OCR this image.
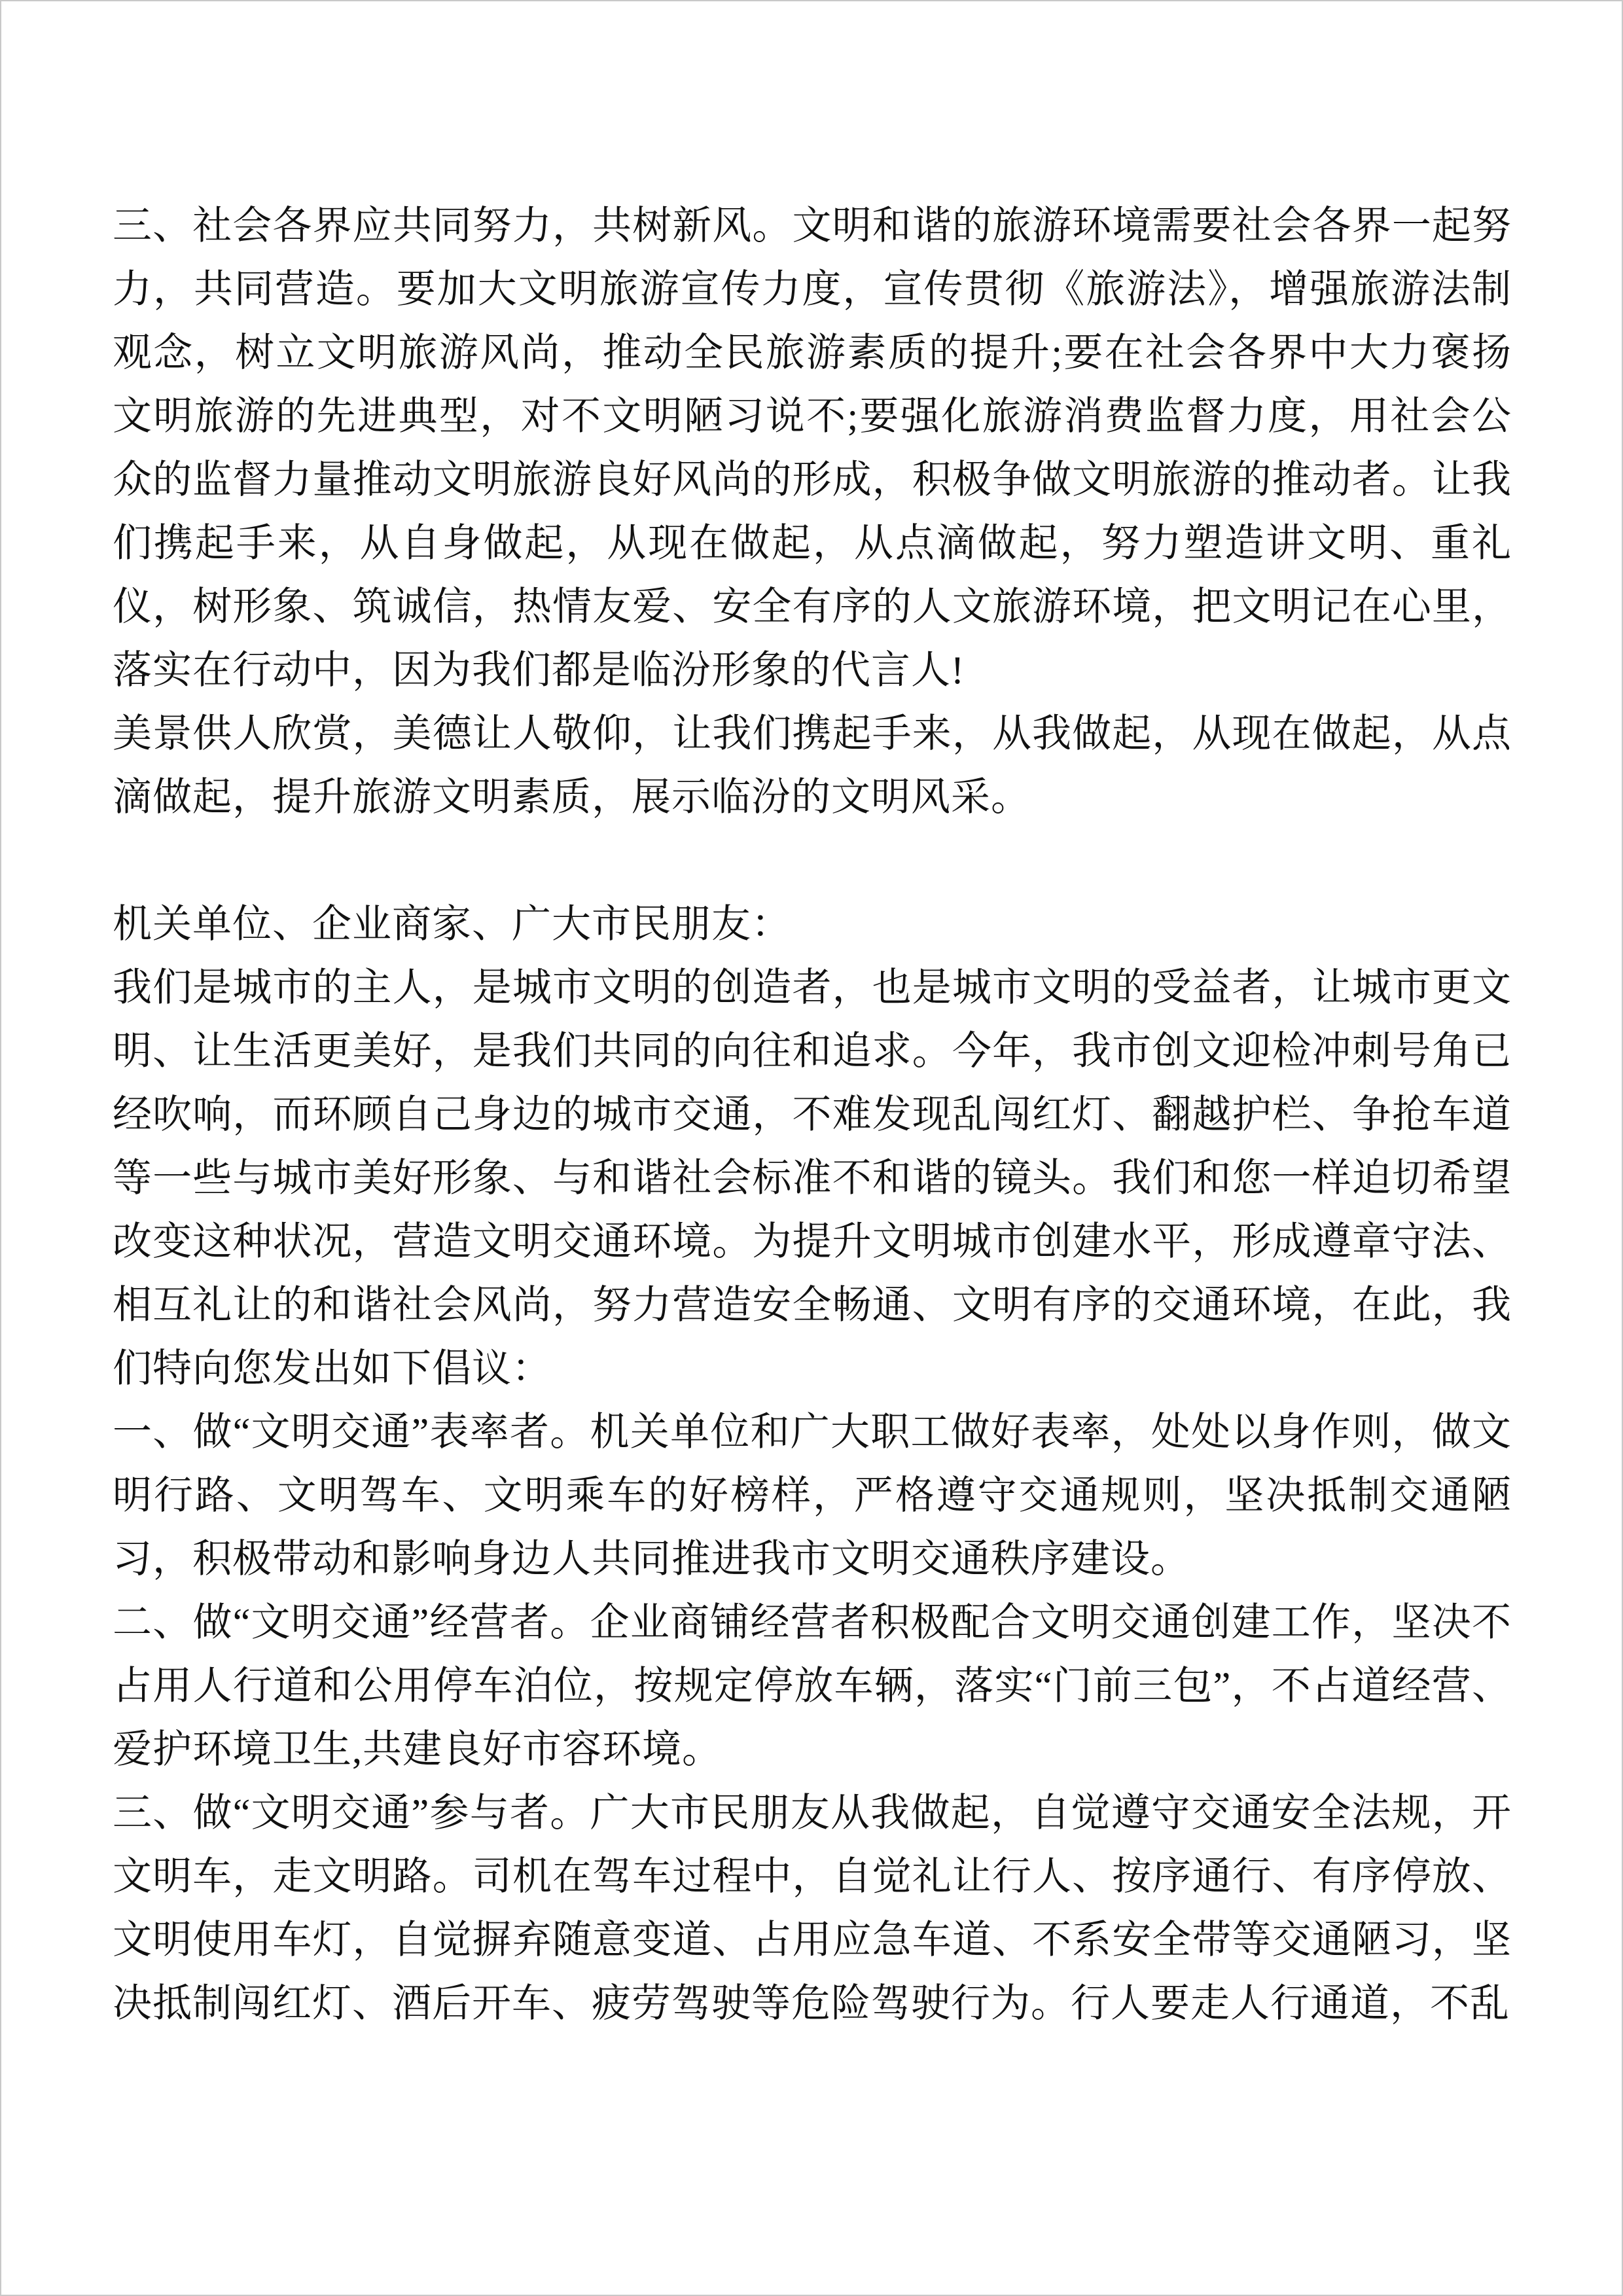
三、社会各界应共同努力，共树新风。文明和谐的旅游环境需要社会各界一起努力，共同营造。要加大文明旅游宣传力度，宣传贯彻《旅游法》，增强旅游法制观念，树立文明旅游风尚，推动全民旅游素质的提升;要在社会各界中大力褒扬文明旅游的先进典型，对不文明陋习说不;要强化旅游消费监督力度，用社会公众的监督力量推动文明旅游良好风尚的形成，积极争做文明旅游的推动者。让我们携起手来，从自身做起，从现在做起，从点滴做起，努力塑造讲文明、重礼仪，树形象、筑诚信，热情友爱、安全有序的人文旅游环境，把文明记在心里，落实在行动中，因为我们都是临汾形象的代言人!

美景供人欣赏，美德让人敬仰，让我们携起手来，从我做起，从现在做起，从点滴做起，提升旅游文明素质，展示临汾的文明风采。

机关单位、企业商家、广大市民朋友：

我们是城市的主人，是城市文明的创造者，也是城市文明的受益者，让城市更文明、让生活更美好，是我们共同的向往和追求。今年，我市创文迎检冲刺号角已经吹响，而环顾自己身边的城市交通，不难发现乱闯红灯、翻越护栏、争抢车道等一些与城市美好形象、与和谐社会标准不和谐的镜头。我们和您一样迫切希望改变这种状况，营造文明交通环境。为提升文明城市创建水平，形成遵章守法、相互礼让的和谐社会风尚，努力营造安全畅通、文明有序的交通环境，在此，我们特向您发出如下倡议：

一、做“文明交通”表率者。机关单位和广大职工做好表率，处处以身作则，做文明行路、文明驾车、文明乘车的好榜样，严格遵守交通规则，坚决抵制交通陋习，积极带动和影响身边人共同推进我市文明交通秩序建设。

二、做“文明交通”经营者。企业商铺经营者积极配合文明交通创建工作，坚决不占用人行道和公用停车泊位，按规定停放车辆，落实“门前三包”，不占道经营、爱护环境卫生,共建良好市容环境。

三、做“文明交通”参与者。广大市民朋友从我做起，自觉遵守交通安全法规，开文明车，走文明路。司机在驾车过程中，自觉礼让行人、按序通行、有序停放、文明使用车灯，自觉摒弃随意变道、占用应急车道、不系安全带等交通陋习，坚决抵制闯红灯、酒后开车、疲劳驾驶等危险驾驶行为。行人要走人行通道，不乱
